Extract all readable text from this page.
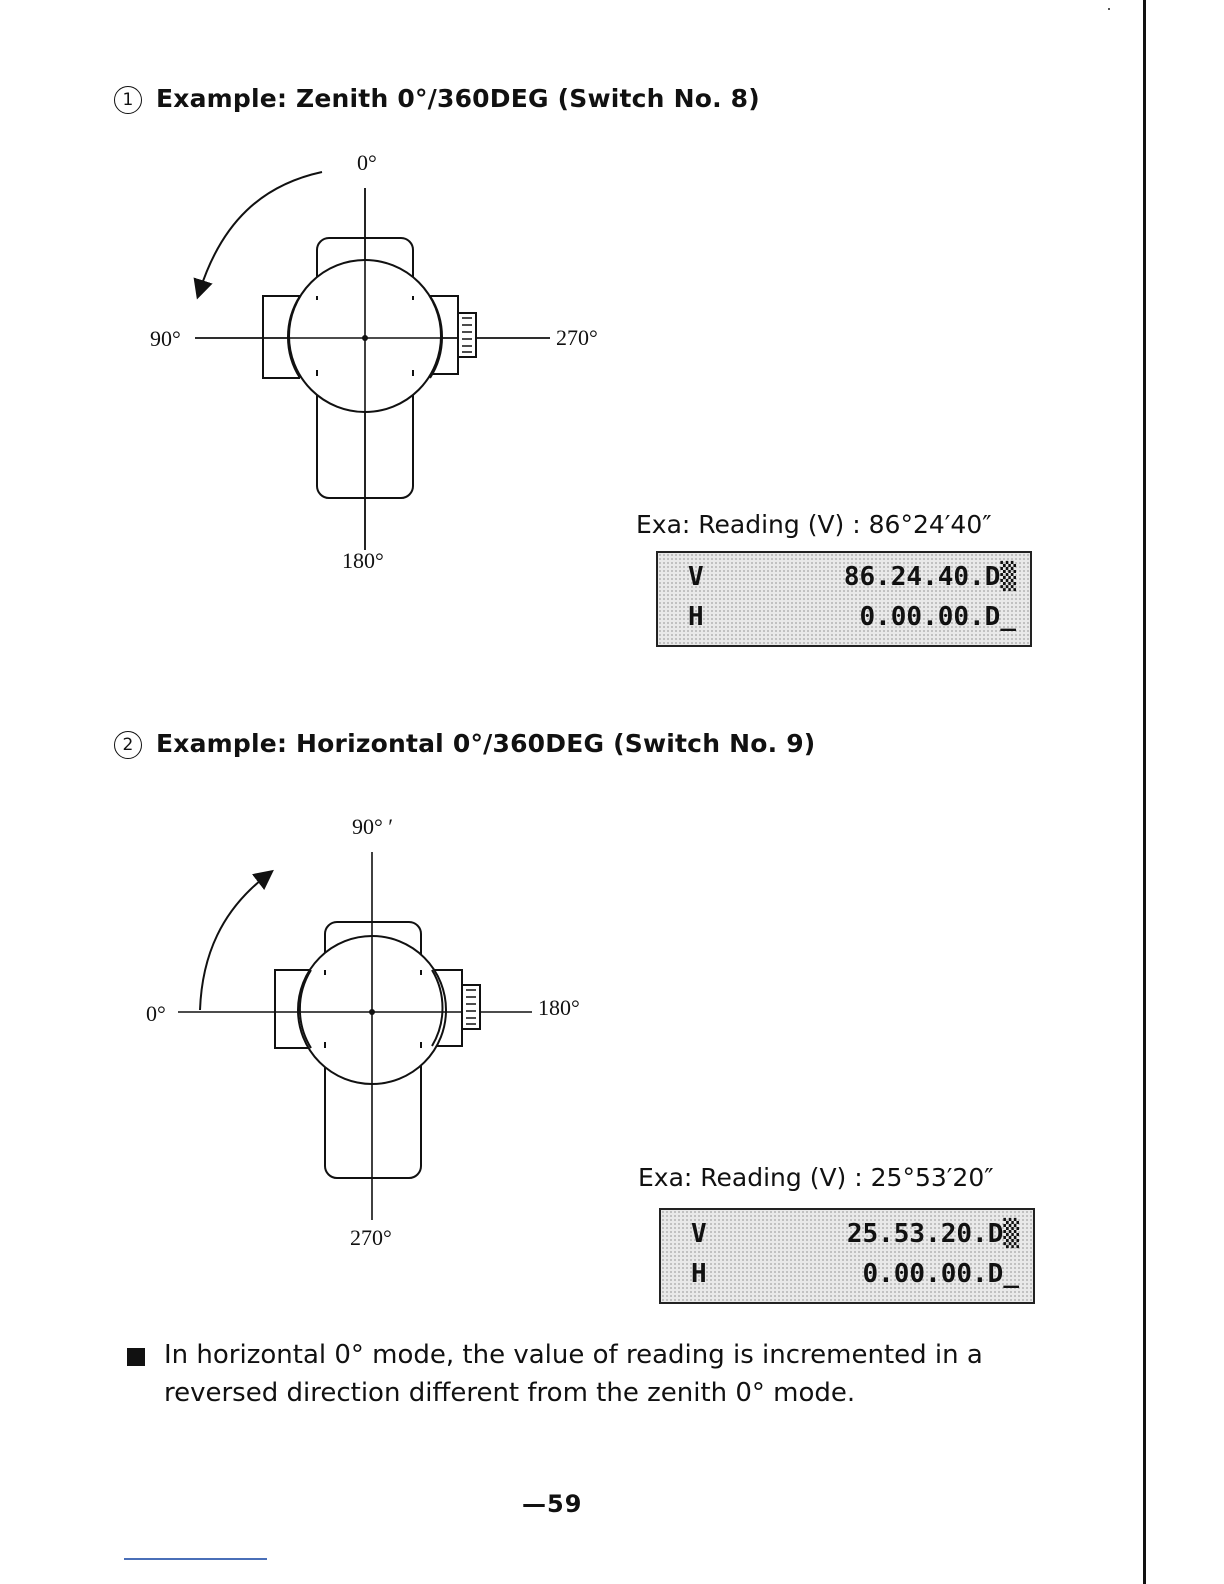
1 Example: Zenith 0°/360DEG (Switch No. 8)
0°
90°	270°
180°
Exa: Reading (V) : 86°24′40″
V	86.24.40.D▒
H	0.00.00.D_
2 Example: Horizontal 0°/360DEG (Switch No. 9)
90° ′
0°	180°
270°
Exa: Reading (V) : 25°53′20″
V	25.53.20.D▒
H	0.00.00.D_
In horizontal 0° mode, the value of reading is incremented in a
reversed direction different from the zenith 0° mode.
—59
